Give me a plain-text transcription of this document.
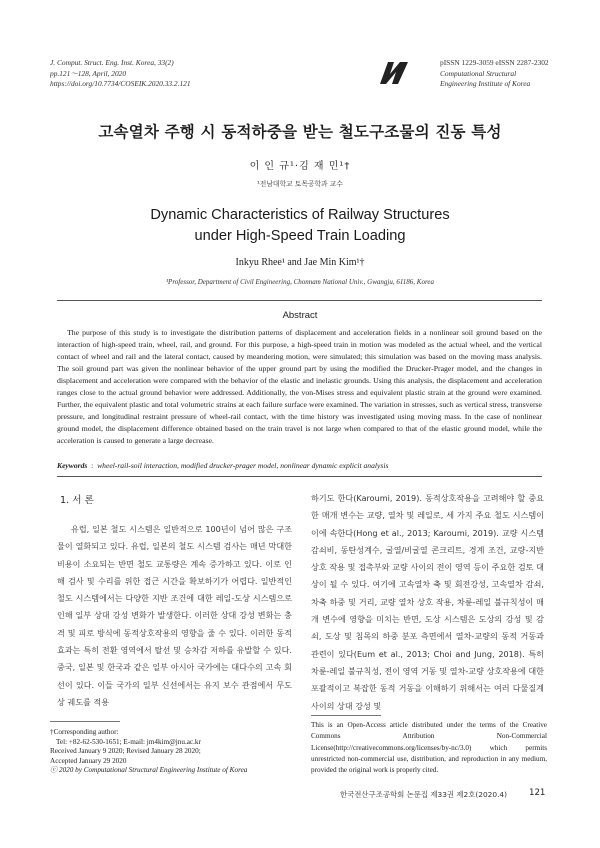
J. Comput. Struct. Eng. Inst. Korea, 33(2)
pp.121～128, April, 2020
https://doi.org/10.7734/COSEIK.2020.33.2.121
pISSN 1229-3059 eISSN 2287-2302
Computational Structural
Engineering Institute of Korea
고속열차 주행 시 동적하중을 받는 철도구조물의 진동 특성
이 인 규¹·김 재 민¹†
¹전남대학교 토목공학과 교수
Dynamic Characteristics of Railway Structures
under High-Speed Train Loading
Inkyu Rhee¹ and Jae Min Kim¹†
¹Professor, Department of Civil Engineering, Chonnam National Univ., Gwangju, 61186, Korea
Abstract

The purpose of this study is to investigate the distribution patterns of displacement and acceleration fields in a nonlinear soil ground based on the interaction of high-speed train, wheel, rail, and ground. For this purpose, a high-speed train in motion was modeled as the actual wheel, and the vertical contact of wheel and rail and the lateral contact, caused by meandering motion, were simulated; this simulation was based on the moving mass analysis. The soil ground part was given the nonlinear behavior of the upper ground part by using the modified the Drucker-Prager model, and the changes in displacement and acceleration were compared with the behavior of the elastic and inelastic grounds. Using this analysis, the displacement and acceleration ranges close to the actual ground behavior were addressed. Additionally, the von-Mises stress and equivalent plastic strain at the ground were examined. Further, the equivalent plastic and total volumetric strains at each failure surface were examined. The variation in stresses, such as vertical stress, transverse pressure, and longitudinal restraint pressure of wheel-rail contact, with the time history was investigated using moving mass. In the case of nonlinear ground model, the displacement difference obtained based on the train travel is not large when compared to that of the elastic ground model, while the acceleration is caused to generate a large decrease.

Keywords  :  wheel-rail-soil interaction, modified drucker-prager model, nonlinear dynamic explicit analysis
1. 서 론

유럽, 일본 철도 시스템은 일반적으로 100년이 넘어 많은 구조물이 열화되고 있다. 유럽, 일본의 철도 시스템 검사는 매년 막대한 비용이 소요되는 반면 철도 교통량은 계속 증가하고 있다. 이로 인해 검사 및 수리를 위한 접근 시간을 확보하기가 어렵다. 일반적인 철도 시스템에서는 다양한 지반 조건에 대한 레일-도상 시스템으로 인해 일부 상대 강성 변화가 발생한다. 이러한 상대 강성 변화는 충격 및 피로 방식에 동적상호작용의 영향을 줄 수 있다. 이러한 동적 효과는 특히 전환 영역에서 탈선 및 승차감 저하를 유발할 수 있다. 중국, 일본 및 한국과 같은 일부 아시아 국가에는 대다수의 고속 회선이 있다. 이들 국가의 일부 신선에서는 유지 보수 관점에서 무도상 궤도를 적용

하기도 한다(Karoumi, 2019). 동적상호작용을 고려해야 할 중요한 매개 변수는 교량, 열차 및 레일로, 세 가지 주요 철도 시스템이 이에 속한다(Hong et al., 2013; Karoumi, 2019). 교량 시스템 감쇠비, 동탄성계수, 굴열/비굴열 콘크리트, 경계 조건, 교량-지반 상호 작용 및 접촉부와 교량 사이의 전이 영역 등이 주요한 검토 대상이 될 수 있다. 여기에 고속열차 축 및 회전강성, 고속열차 감쇠, 차축 하중 및 거리, 교량 열차 상호 작용, 차륜-레일 불규칙성이 매개 변수에 영향을 미치는 반면, 도상 시스템은 도상의 강성 및 감쇠, 도상 및 침목의 하중 분포 측면에서 열차-교량의 동적 거동과 관련이 있다(Eum et al., 2013; Choi and Jung, 2018). 특히 차륜-레일 불규칙성, 전이 영역 거동 및 열차-교량 상호작용에 대한 포괄적이고 복잡한 동적 거동을 이해하기 위해서는 여러 다물질계 사이의 상대 강성 및

†Corresponding author:
Tel: +82-62-530-1651; E-mail: jm4kim@jnu.ac.kr
Received January 9 2020; Revised January 28 2020;
Accepted January 29 2020
ⓒ 2020 by Computational Structural Engineering Institute of Korea
This is an Open-Access article distributed under the terms of the Creative Commons Attribution Non-Commercial License(http://creativecommons.org/licenses/by-nc/3.0) which permits unrestricted non-commercial use, distribution, and reproduction in any medium, provided the original work is properly cited.
한국전산구조공학회 논문집 제33권 제2호(2020.4)	121
